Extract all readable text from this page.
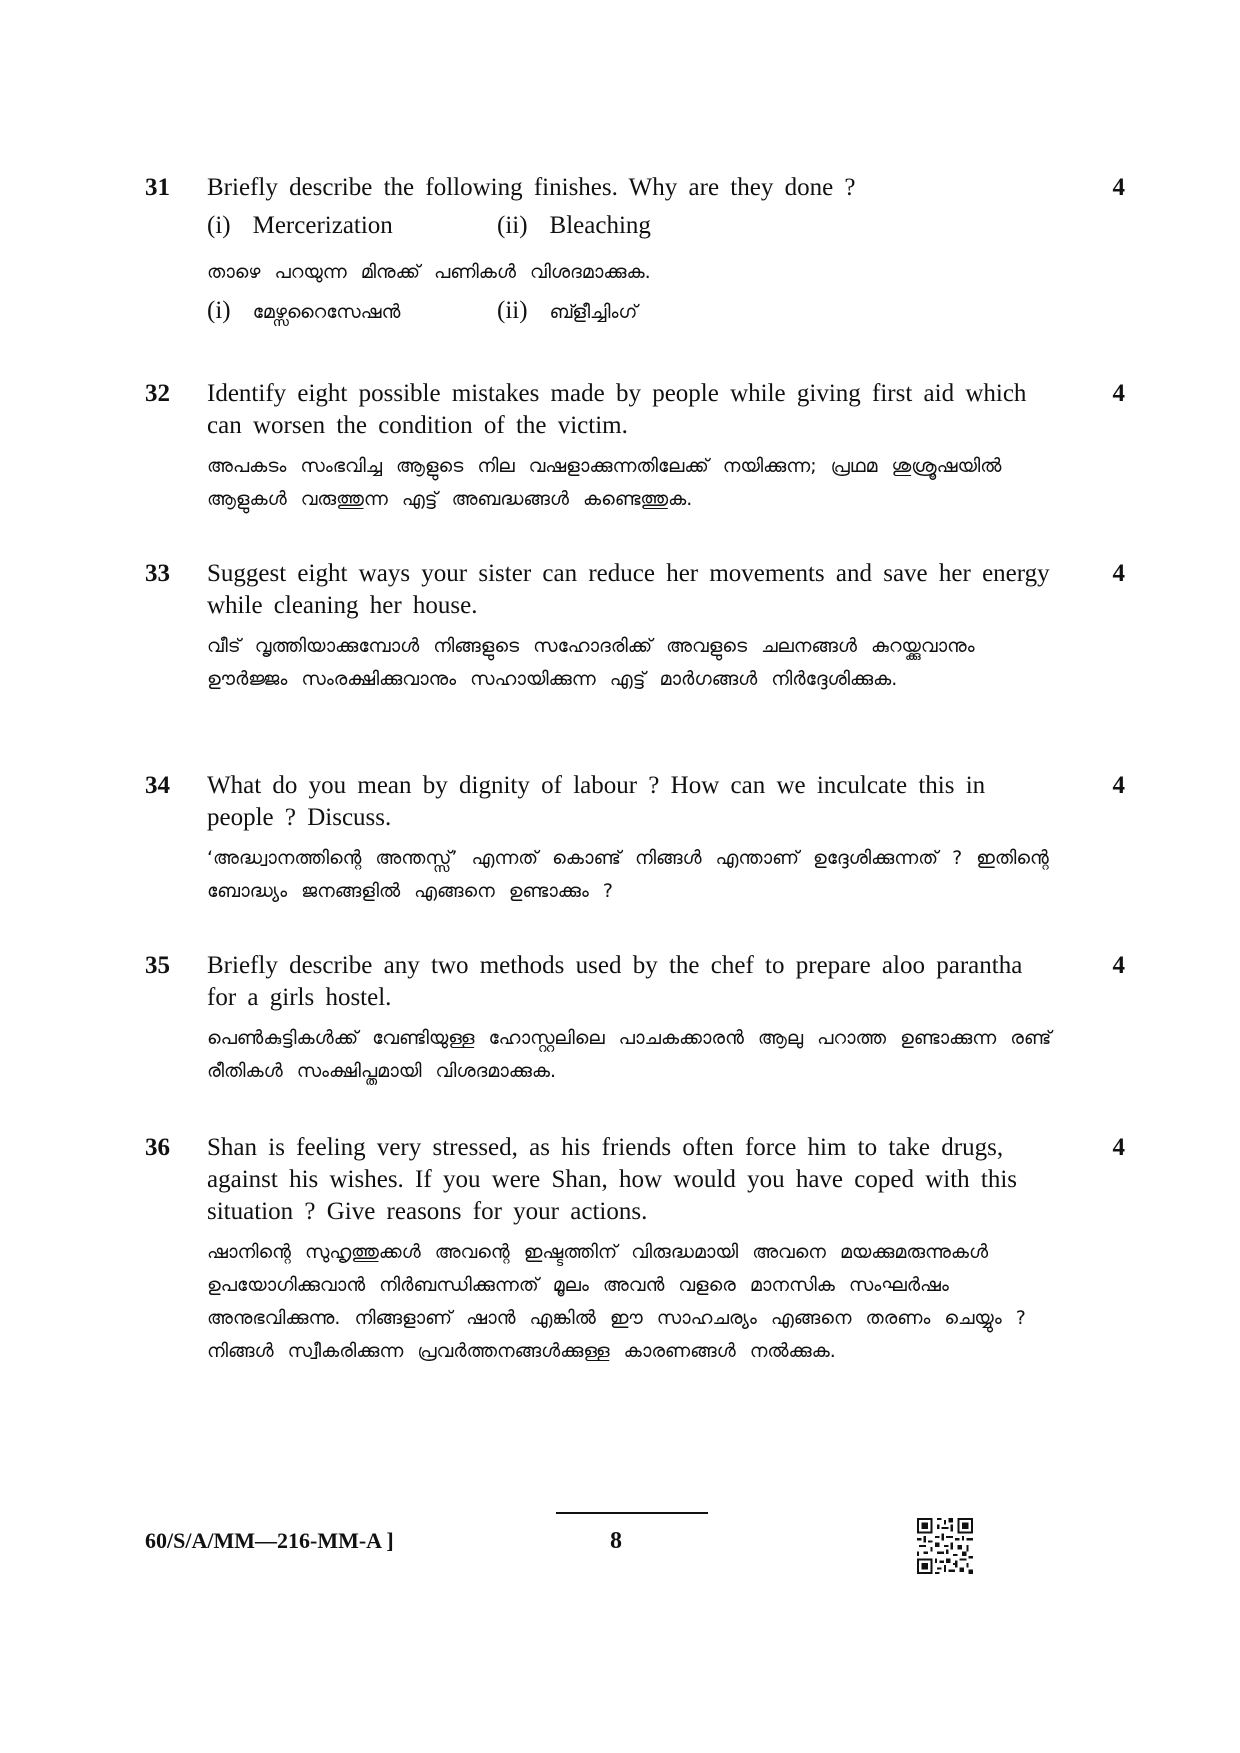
31	4

Briefly describe the following finishes. Why are they done ?

(i) Mercerization	(ii) Bleaching

താഴെ പറയുന്ന മിനുക്ക് പണികൾ വിശദമാക്കുക.

(i) മേഴ്സറൈസേഷൻ	(ii) ബ്ളീച്ചിംഗ്
32	4

Identify eight possible mistakes made by people while giving first aid which can worsen the condition of the victim.

അപകടം സംഭവിച്ച ആളുടെ നില വഷളാക്കുന്നതിലേക്ക് നയിക്കുന്ന; പ്രഥമ ശുശ്രൂഷയിൽ ആളുകൾ വരുത്തുന്ന എട്ട് അബദ്ധങ്ങൾ കണ്ടെത്തുക.

33	4

Suggest eight ways your sister can reduce her movements and save her energy while cleaning her house.

വീട് വൃത്തിയാക്കുമ്പോൾ നിങ്ങളുടെ സഹോദരിക്ക് അവളുടെ ചലനങ്ങൾ കുറയ്ക്കുവാനും ഊർജ്ജം സംരക്ഷിക്കുവാനും സഹായിക്കുന്ന എട്ട് മാർഗങ്ങൾ നിർദ്ദേശിക്കുക.

34	4

What do you mean by dignity of labour ? How can we inculcate this in people ? Discuss.

‘അദ്ധ്വാനത്തിന്റെ അന്തസ്സ്’ എന്നത് കൊണ്ട് നിങ്ങൾ എന്താണ് ഉദ്ദേശിക്കുന്നത് ? ഇതിന്റെ ബോദ്ധ്യം ജനങ്ങളിൽ എങ്ങനെ ഉണ്ടാക്കും ?

35	4

Briefly describe any two methods used by the chef to prepare aloo parantha for a girls hostel.

പെൺകുട്ടികൾക്ക് വേണ്ടിയുള്ള ഹോസ്റ്റലിലെ പാചകക്കാരൻ ആലു പറാത്ത ഉണ്ടാക്കുന്ന രണ്ട് രീതികൾ സംക്ഷിപ്തമായി വിശദമാക്കുക.

36	4

Shan is feeling very stressed, as his friends often force him to take drugs, against his wishes. If you were Shan, how would you have coped with this situation ? Give reasons for your actions.

ഷാനിന്റെ സുഹൃത്തുക്കൾ അവന്റെ ഇഷ്ടത്തിന് വിരുദ്ധമായി അവനെ മയക്കുമരുന്നുകൾ ഉപയോഗിക്കുവാൻ നിർബന്ധിക്കുന്നത് മൂലം അവൻ വളരെ മാനസിക സംഘർഷം അനുഭവിക്കുന്നു. നിങ്ങളാണ് ഷാൻ എങ്കിൽ ഈ സാഹചര്യം എങ്ങനെ തരണം ചെയ്യും ? നിങ്ങൾ സ്വീകരിക്കുന്ന പ്രവർത്തനങ്ങൾക്കുള്ള കാരണങ്ങൾ നൽക്കുക.

60/S/A/MM—216-MM-A ]	8
